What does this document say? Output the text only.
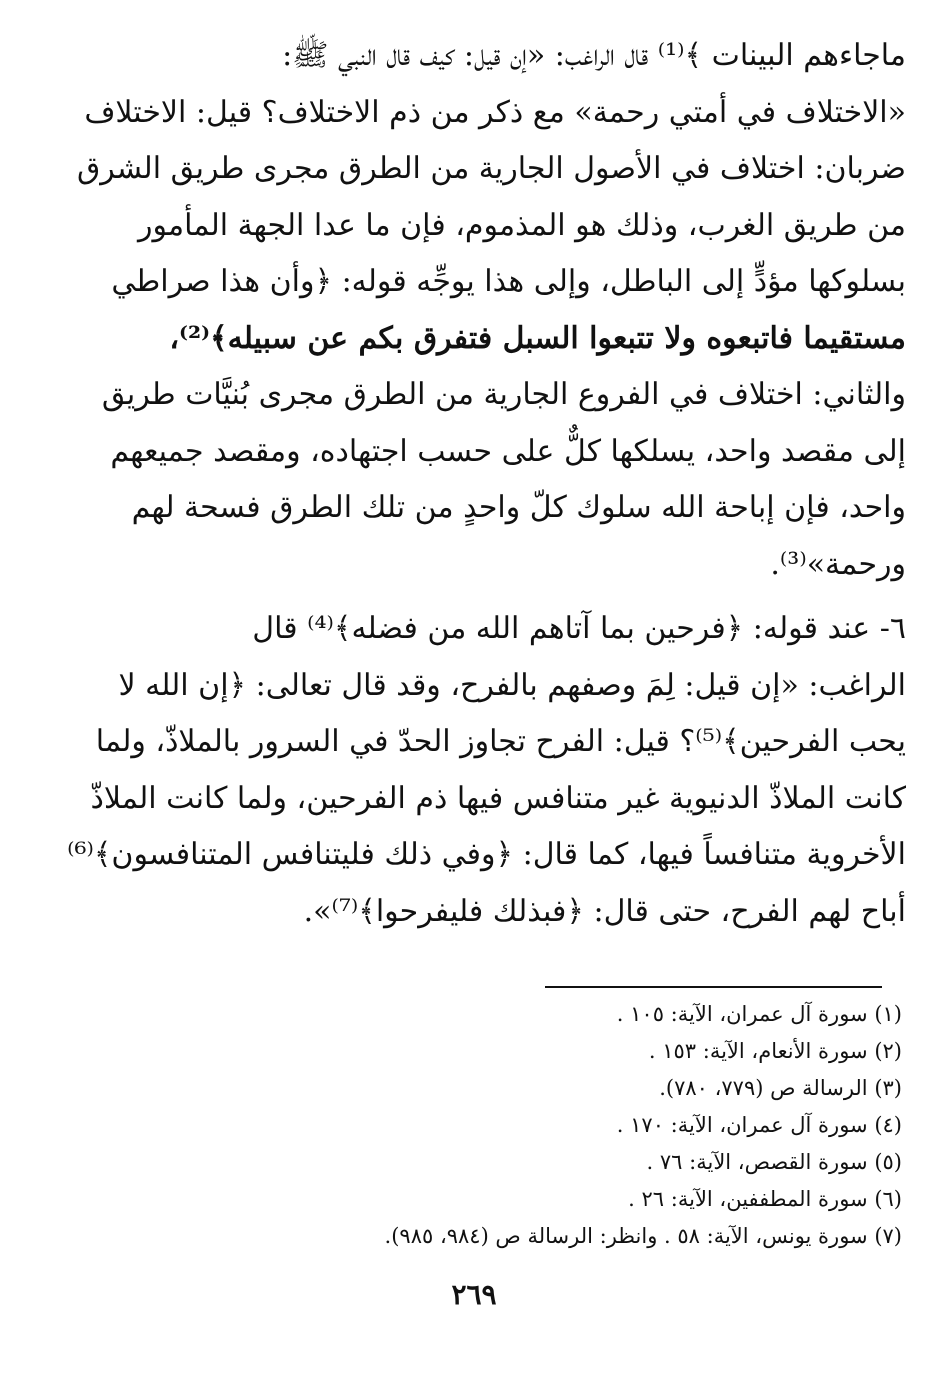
ماجاءهم البينات ﴾⁽¹⁾ قال الراغب: «إن قيل: كيف قال النبي ﷺ:
«الاختلاف في أمتي رحمة» مع ذكر من ذم الاختلاف؟ قيل: الاختلاف
ضربان: اختلاف في الأصول الجارية من الطرق مجرى طريق الشرق
من طريق الغرب، وذلك هو المذموم، فإن ما عدا الجهة المأمور
بسلوكها مؤدٍّ إلى الباطل، وإلى هذا يوجِّه قوله: ﴿وأن هذا صراطي
مستقيما فاتبعوه ولا تتبعوا السبل فتفرق بكم عن سبيله﴾⁽²⁾،
والثاني: اختلاف في الفروع الجارية من الطرق مجرى بُنيَّات طريق
إلى مقصد واحد، يسلكها كلٌّ على حسب اجتهاده، ومقصد جميعهم
واحد، فإن إباحة الله سلوك كلّ واحدٍ من تلك الطرق فسحة لهم
ورحمة»⁽³⁾.
٦- عند قوله: ﴿فرحين بما آتاهم الله من فضله﴾⁽⁴⁾ قال
الراغب: «إن قيل: لِمَ وصفهم بالفرح، وقد قال تعالى: ﴿إن الله لا
يحب الفرحين﴾⁽⁵⁾؟ قيل: الفرح تجاوز الحدّ في السرور بالملاذّ، ولما
كانت الملاذّ الدنيوية غير متنافس فيها ذم الفرحين، ولما كانت الملاذّ
الأخروية متنافساً فيها، كما قال: ﴿وفي ذلك فليتنافس المتنافسون﴾⁽⁶⁾
أباح لهم الفرح، حتى قال: ﴿فبذلك فليفرحوا﴾⁽⁷⁾».
(١) سورة آل عمران، الآية: ١٠٥ .
(٢) سورة الأنعام، الآية: ١٥٣ .
(٣) الرسالة ص (٧٧٩، ٧٨٠).
(٤) سورة آل عمران، الآية: ١٧٠ .
(٥) سورة القصص، الآية: ٧٦ .
(٦) سورة المطففين، الآية: ٢٦ .
(٧) سورة يونس، الآية: ٥٨ . وانظر: الرسالة ص (٩٨٤، ٩٨٥).
٢٦٩
